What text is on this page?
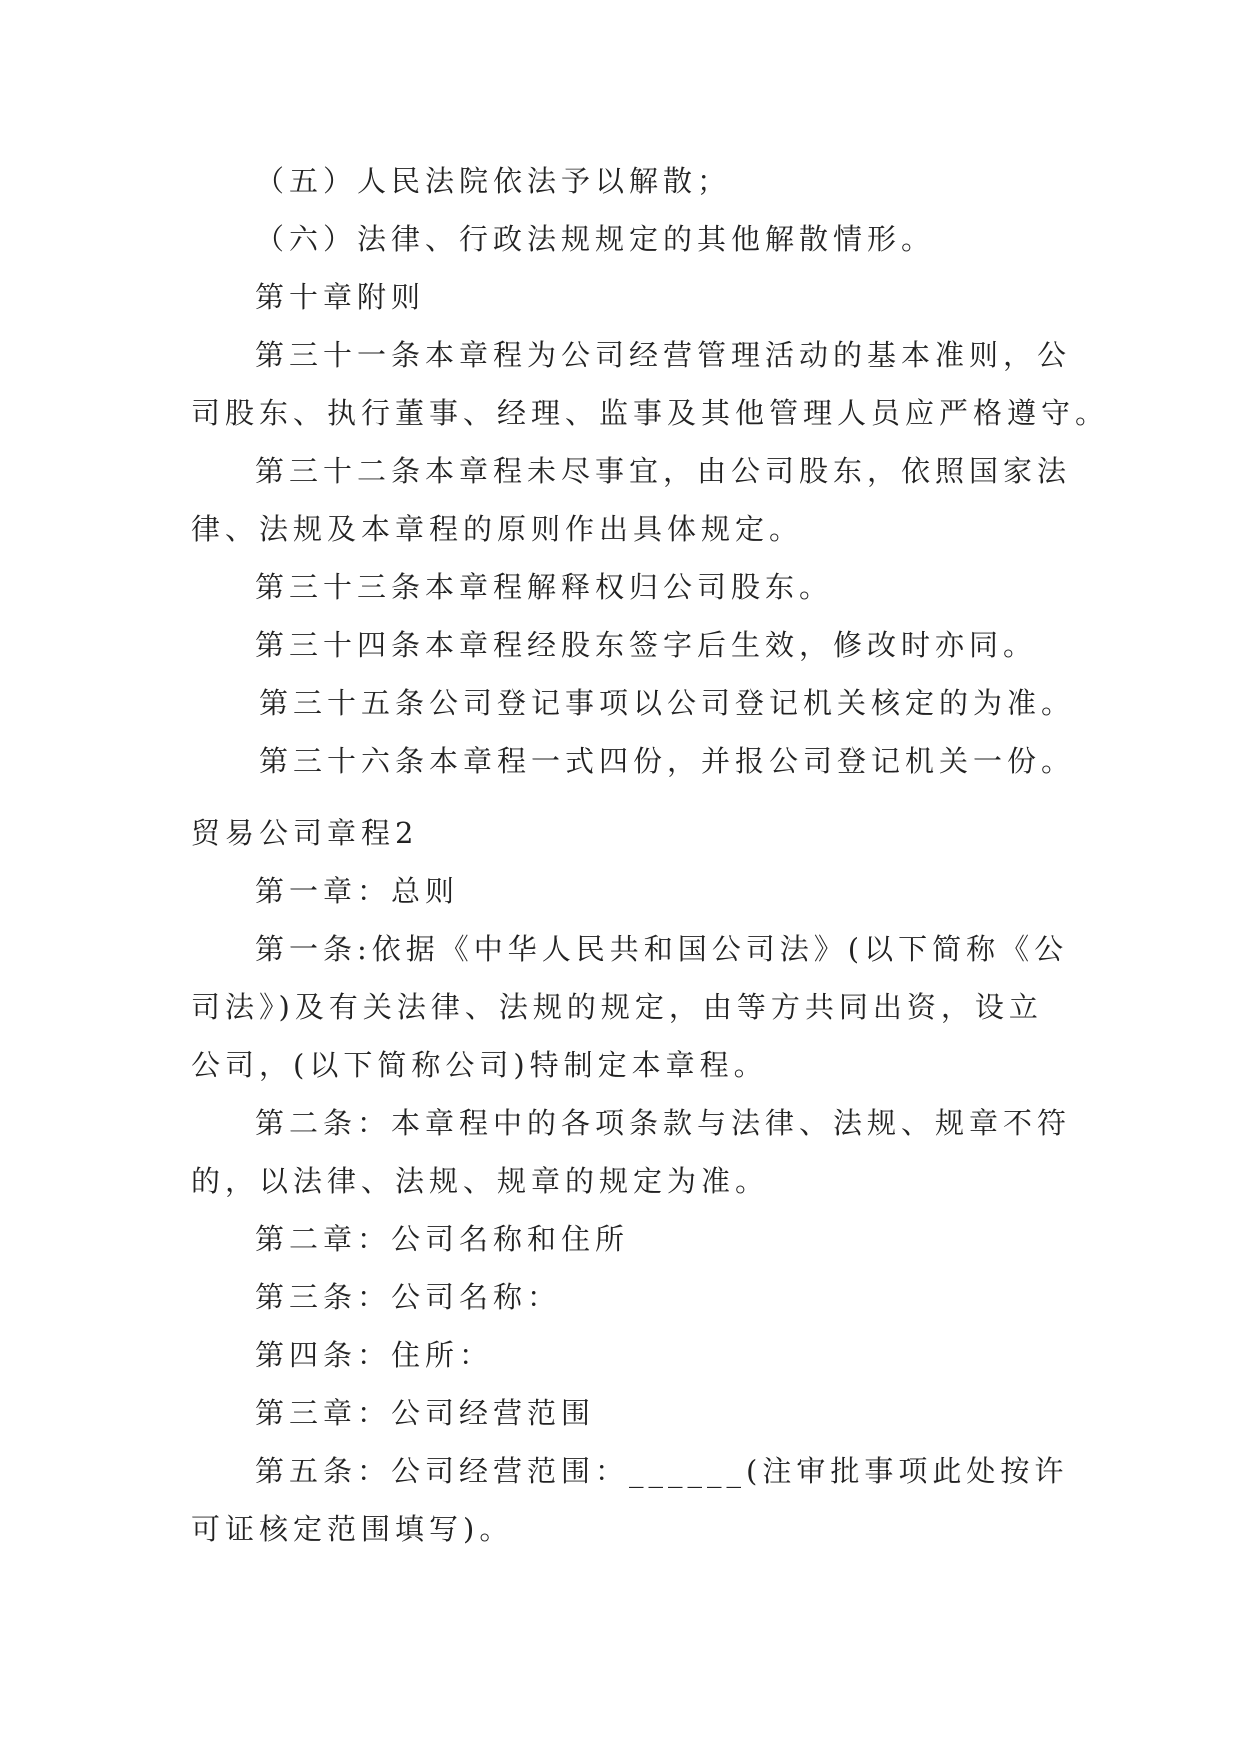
（五）人民法院依法予以解散；
（六）法律、行政法规规定的其他解散情形。
第十章附则
第三十一条本章程为公司经营管理活动的基本准则，公
司股东、执行董事、经理、监事及其他管理人员应严格遵守。
第三十二条本章程未尽事宜，由公司股东，依照国家法
律、法规及本章程的原则作出具体规定。
第三十三条本章程解释权归公司股东。
第三十四条本章程经股东签字后生效，修改时亦同。
第三十五条公司登记事项以公司登记机关核定的为准。
第三十六条本章程一式四份，并报公司登记机关一份。
贸易公司章程2
第一章：总则
第一条:依据《中华人民共和国公司法》(以下简称《公
司法》)及有关法律、法规的规定，由等方共同出资，设立
公司，(以下简称公司)特制定本章程。
第二条：本章程中的各项条款与法律、法规、规章不符
的，以法律、法规、规章的规定为准。
第二章：公司名称和住所
第三条：公司名称：
第四条：住所：
第三章：公司经营范围
第五条：公司经营范围：______(注审批事项此处按许
可证核定范围填写)。
